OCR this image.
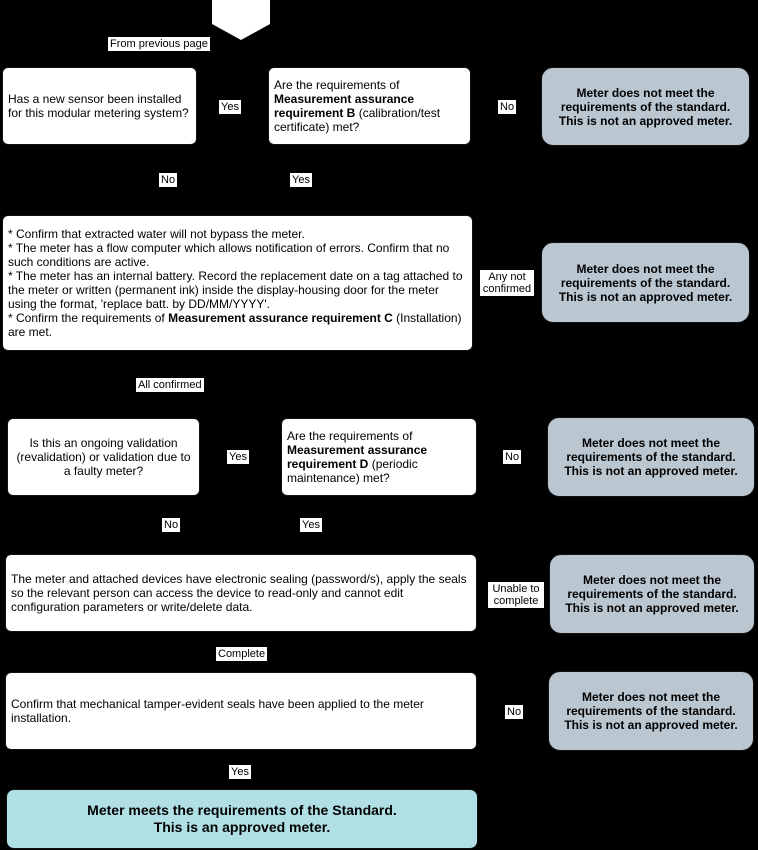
From previous page
Has a new sensor been installed for this modular metering system?	Yes

Are the requirements of Measurement assurance requirement B (calibration/test certificate) met?

No
Meter does not meet the requirements of the standard. This is not an approved meter.
No	Yes

* Confirm that extracted water will not bypass the meter.

* The meter has a flow computer which allows notification of errors. Confirm that no such conditions are active.

* The meter has an internal battery. Record the replacement date on a tag attached to the meter or written (permanent ink) inside the display-housing door for the meter using the format, 'replace batt. by DD/MM/YYYY'.

* Confirm the requirements of Measurement assurance requirement C (Installation) are met.

Any not confirmed
Meter does not meet the requirements of the standard. This is not an approved meter.
All confirmed
Is this an ongoing validation (revalidation) or validation due to a faulty meter?
Yes

Are the requirements of Measurement assurance requirement D (periodic maintenance) met?

No
Meter does not meet the requirements of the standard. This is not an approved meter.
No	Yes
The meter and attached devices have electronic sealing (password/s), apply the seals so the relevant person can access the device to read-only and cannot edit configuration parameters or write/delete data.
Unable to complete
Meter does not meet the requirements of the standard. This is not an approved meter.
Complete
Confirm that mechanical tamper-evident seals have been applied to the meter installation.	No
Meter does not meet the requirements of the standard. This is not an approved meter.
Yes
Meter meets the requirements of the Standard.
This is an approved meter.
